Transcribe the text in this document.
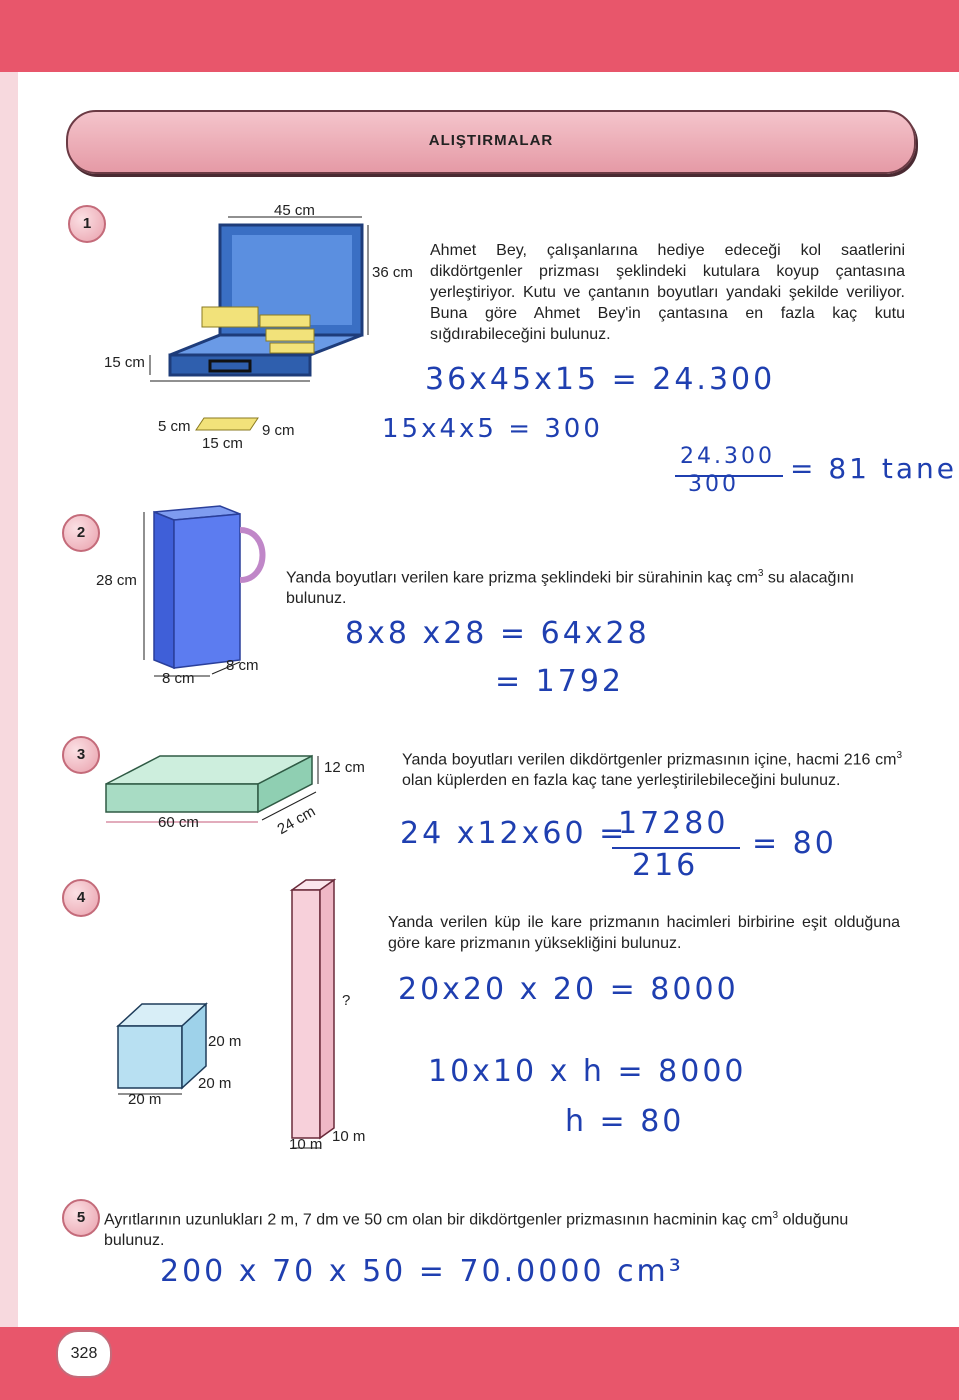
ALIŞTIRMALAR
1
45 cm
36 cm
15 cm
5 cm	9 cm
15 cm
Ahmet Bey, çalışanlarına hediye edeceği kol saatlerini dikdörtgenler prizması şeklindeki kutulara koyup çantasına yerleştiriyor. Kutu ve çantanın boyutları yandaki şekilde veriliyor. Buna göre Ahmet Bey'in çantasına en fazla kaç kutu sığdırabileceğini bulunuz.
36x45x15 = 24.300
15x4x5 = 300
24.300
300 = 81 tane
2
28 cm
8 cm
8 cm
Yanda boyutları verilen kare prizma şeklindeki bir sürahinin kaç $cm^3$ su alacağını bulunuz.
8x8 x28 = 64x28
= 1792
3
12 cm
60 cm	24 cm
Yanda boyutları verilen dikdörtgenler prizmasının içine, hacmi 216 $cm^3$ olan küplerden en fazla kaç tane yerleştirilebileceğini bulunuz.
24 x12x60 =
17280
216
= 80
4
20 m
20 m
20 m
?
10 m 10 m
Yanda verilen küp ile kare prizmanın hacimleri birbirine eşit olduğuna göre kare prizmanın yüksekliğini bulunuz.
20x20 x 20 = 8000
10x10 x h = 8000
h = 80
5	Ayrıtlarının uzunlukları 2 m, 7 dm ve 50 cm olan bir dikdörtgenler prizmasının hacminin kaç $cm^3$ olduğunu bulunuz.
200 x 70 x 50 = 70.0000 cm³
328
